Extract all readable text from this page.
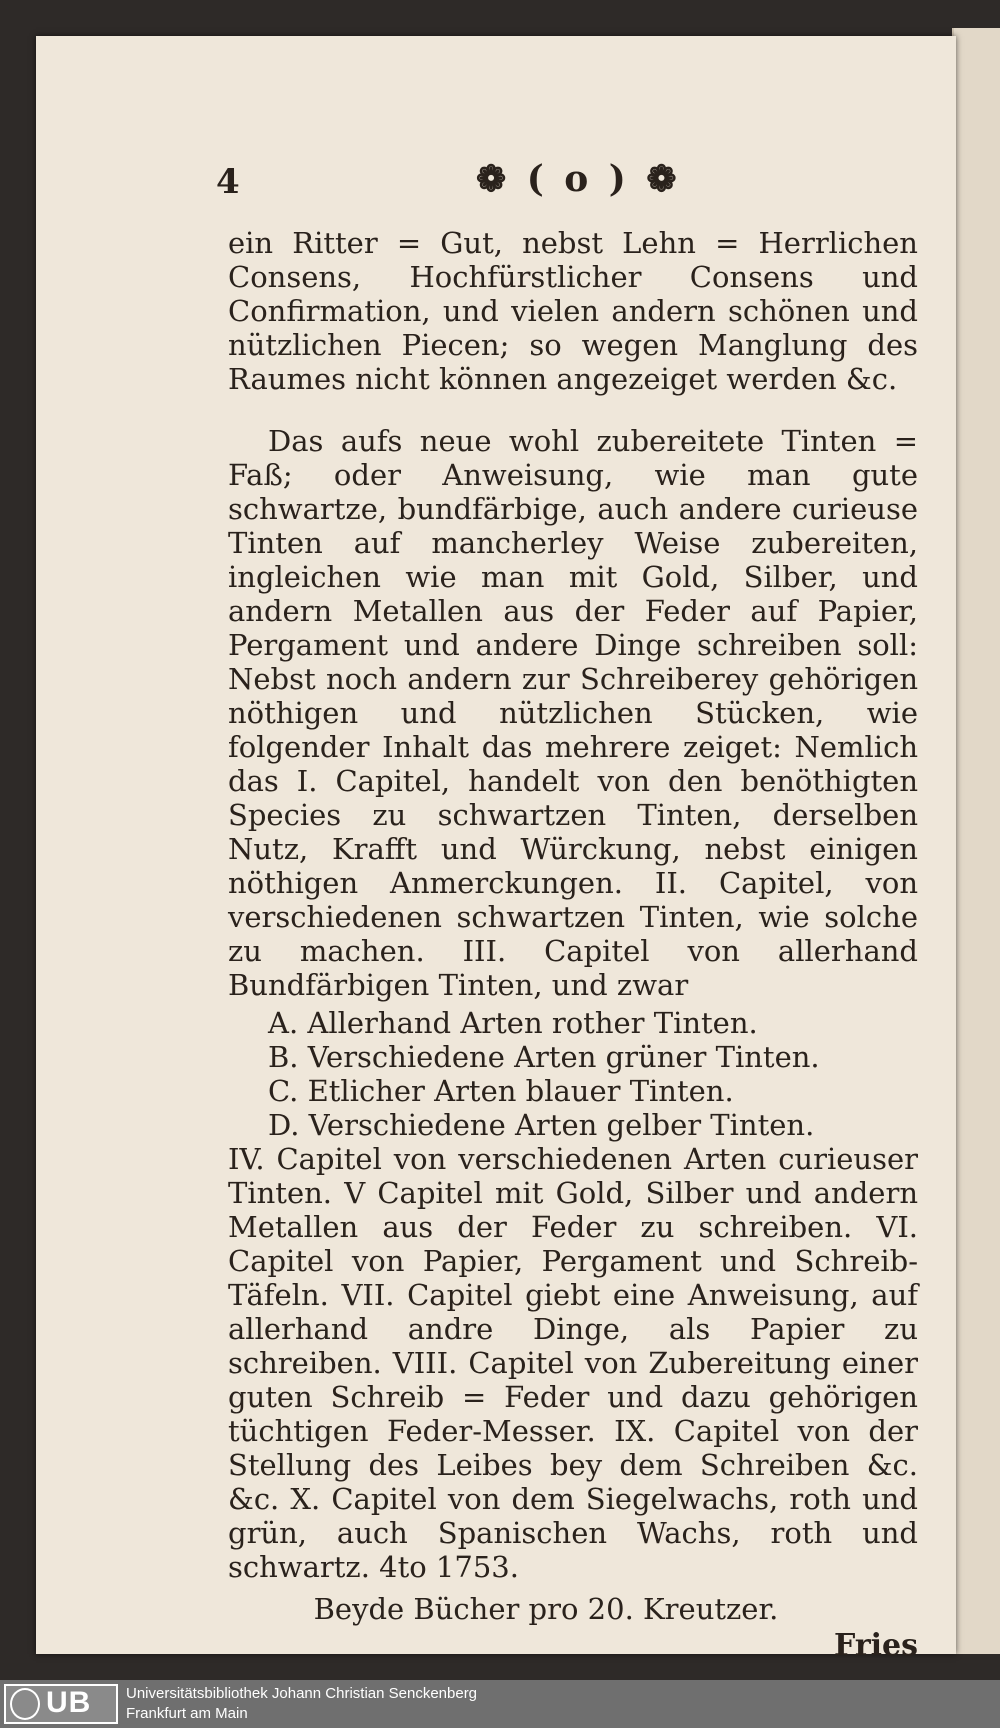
4	❁ ( o ) ❁

ein Ritter = Gut, nebst Lehn = Herrlichen Consens, Hochfürstlicher Consens und Confirmation, und vielen andern schönen und nützlichen Piecen; so wegen Manglung des Raumes nicht können angezeiget werden &c.

Das aufs neue wohl zubereitete Tinten = Faß; oder Anweisung, wie man gute schwartze, bundfärbige, auch andere curieuse Tinten auf mancherley Weise zubereiten, ingleichen wie man mit Gold, Silber, und andern Metallen aus der Feder auf Papier, Pergament und andere Dinge schreiben soll: Nebst noch andern zur Schreiberey gehörigen nöthigen und nützlichen Stücken, wie folgender Inhalt das mehrere zeiget: Nemlich das I. Capitel, handelt von den benöthigten Species zu schwartzen Tinten, derselben Nutz, Krafft und Würckung, nebst einigen nöthigen Anmerckungen. II. Capitel, von verschiedenen schwartzen Tinten, wie solche zu machen. III. Capitel von allerhand Bundfärbigen Tinten, und zwar

A. Allerhand Arten rother Tinten.
B. Verschiedene Arten grüner Tinten.
C. Etlicher Arten blauer Tinten.
D. Verschiedene Arten gelber Tinten.

IV. Capitel von verschiedenen Arten curieuser Tinten. V Capitel mit Gold, Silber und andern Metallen aus der Feder zu schreiben. VI. Capitel von Papier, Pergament und Schreib-Täfeln. VII. Capitel giebt eine Anweisung, auf allerhand andre Dinge, als Papier zu schreiben. VIII. Capitel von Zubereitung einer guten Schreib = Feder und dazu gehörigen tüchtigen Feder-Messer. IX. Capitel von der Stellung des Leibes bey dem Schreiben &c. &c. X. Capitel von dem Siegelwachs, roth und grün, auch Spanischen Wachs, roth und schwartz. 4to 1753.

Beyde Bücher pro 20. Kreutzer.
Fries
UB Universitätsbibliothek Johann Christian Senckenberg
Frankfurt am Main
